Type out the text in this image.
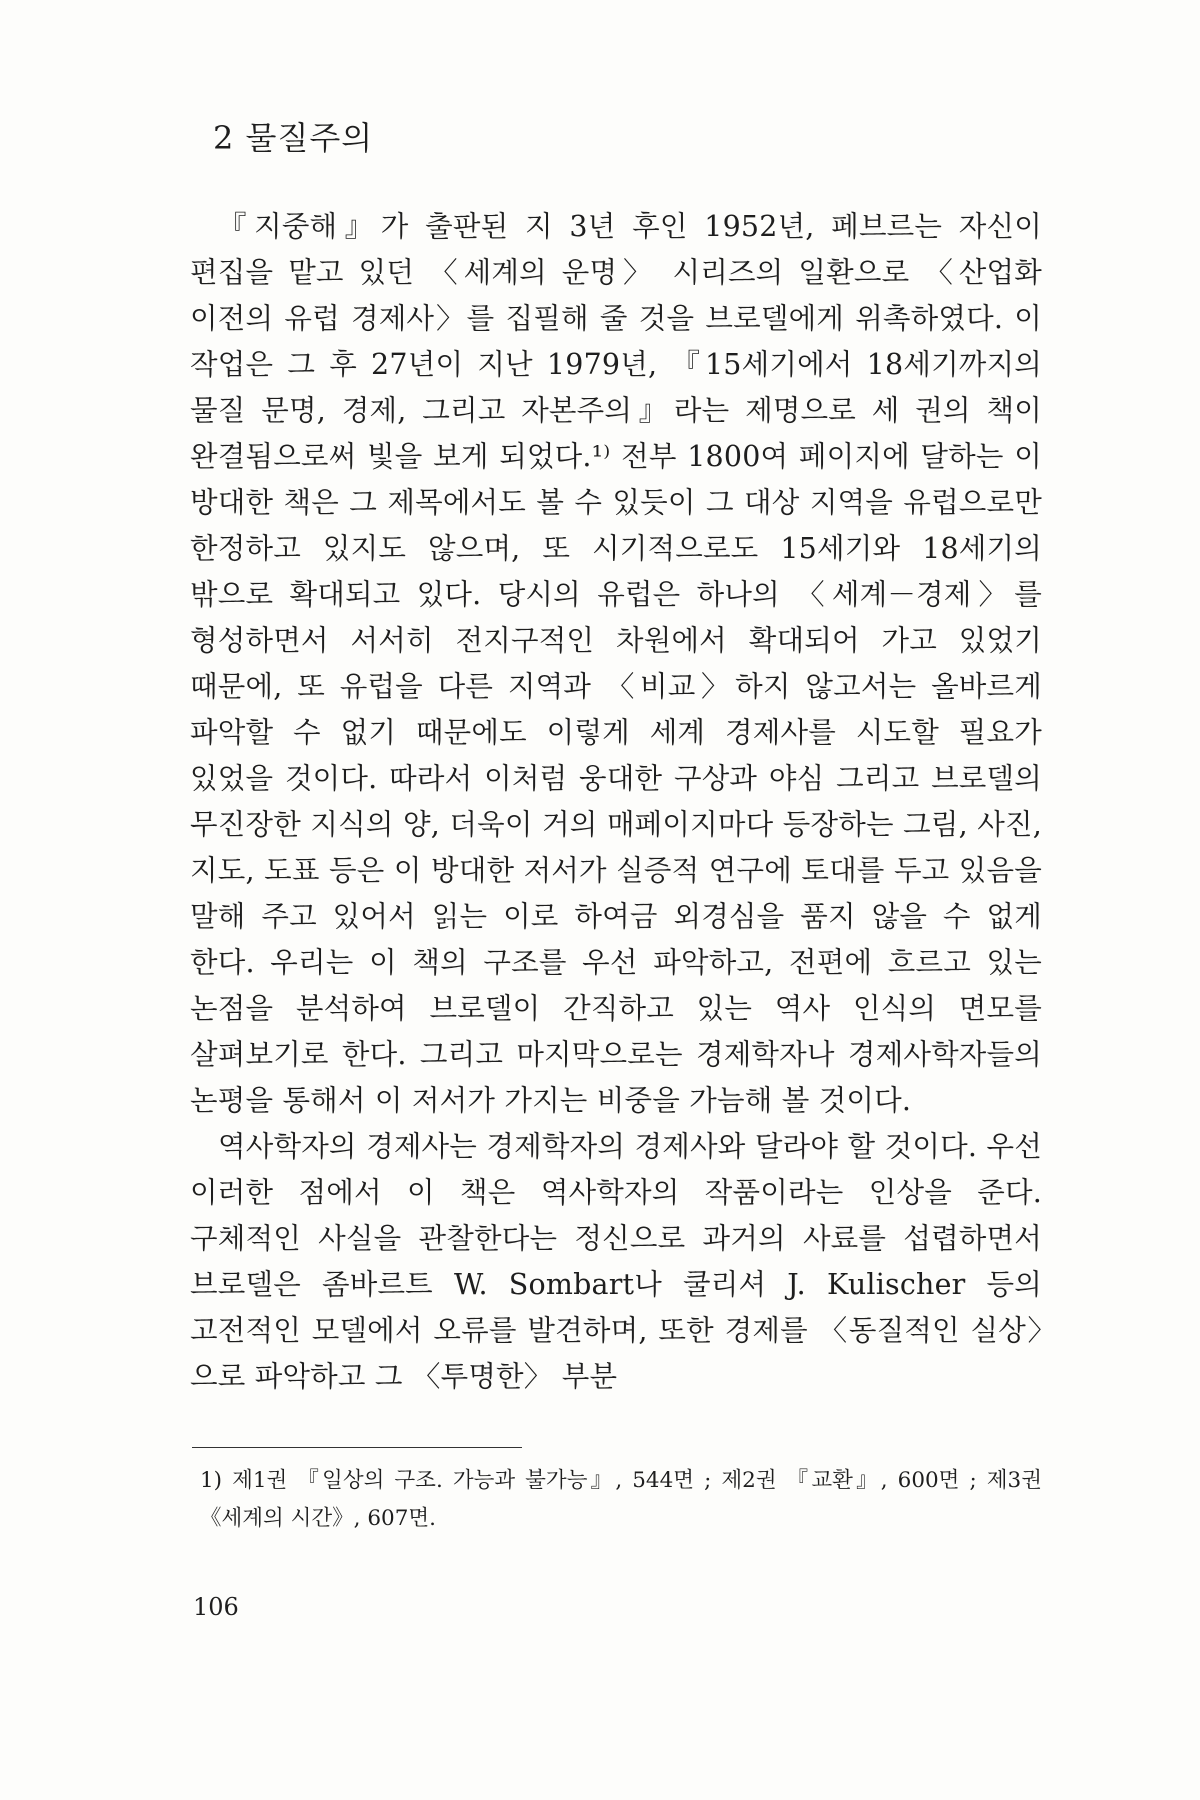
2 물질주의

『지중해』가 출판된 지 3년 후인 1952년, 페브르는 자신이 편집을 맡고 있던 〈세계의 운명〉 시리즈의 일환으로 〈산업화 이전의 유럽 경제사〉를 집필해 줄 것을 브로델에게 위촉하였다. 이 작업은 그 후 27년이 지난 1979년, 『15세기에서 18세기까지의 물질 문명, 경제, 그리고 자본주의』라는 제명으로 세 권의 책이 완결됨으로써 빛을 보게 되었다.¹⁾ 전부 1800여 페이지에 달하는 이 방대한 책은 그 제목에서도 볼 수 있듯이 그 대상 지역을 유럽으로만 한정하고 있지도 않으며, 또 시기적으로도 15세기와 18세기의 밖으로 확대되고 있다. 당시의 유럽은 하나의 〈세계－경제〉를 형성하면서 서서히 전지구적인 차원에서 확대되어 가고 있었기 때문에, 또 유럽을 다른 지역과 〈비교〉하지 않고서는 올바르게 파악할 수 없기 때문에도 이렇게 세계 경제사를 시도할 필요가 있었을 것이다. 따라서 이처럼 웅대한 구상과 야심 그리고 브로델의 무진장한 지식의 양, 더욱이 거의 매페이지마다 등장하는 그림, 사진, 지도, 도표 등은 이 방대한 저서가 실증적 연구에 토대를 두고 있음을 말해 주고 있어서 읽는 이로 하여금 외경심을 품지 않을 수 없게 한다. 우리는 이 책의 구조를 우선 파악하고, 전편에 흐르고 있는 논점을 분석하여 브로델이 간직하고 있는 역사 인식의 면모를 살펴보기로 한다. 그리고 마지막으로는 경제학자나 경제사학자들의 논평을 통해서 이 저서가 가지는 비중을 가늠해 볼 것이다.

역사학자의 경제사는 경제학자의 경제사와 달라야 할 것이다. 우선 이러한 점에서 이 책은 역사학자의 작품이라는 인상을 준다. 구체적인 사실을 관찰한다는 정신으로 과거의 사료를 섭렵하면서 브로델은 좀바르트 W. Sombart나 쿨리셔 J. Kulischer 등의 고전적인 모델에서 오류를 발견하며, 또한 경제를 〈동질적인 실상〉으로 파악하고 그 〈투명한〉 부분

1) 제1권 『일상의 구조. 가능과 불가능』, 544면 ; 제2권 『교환』, 600면 ; 제3권 《세계의 시간》, 607면.
106
